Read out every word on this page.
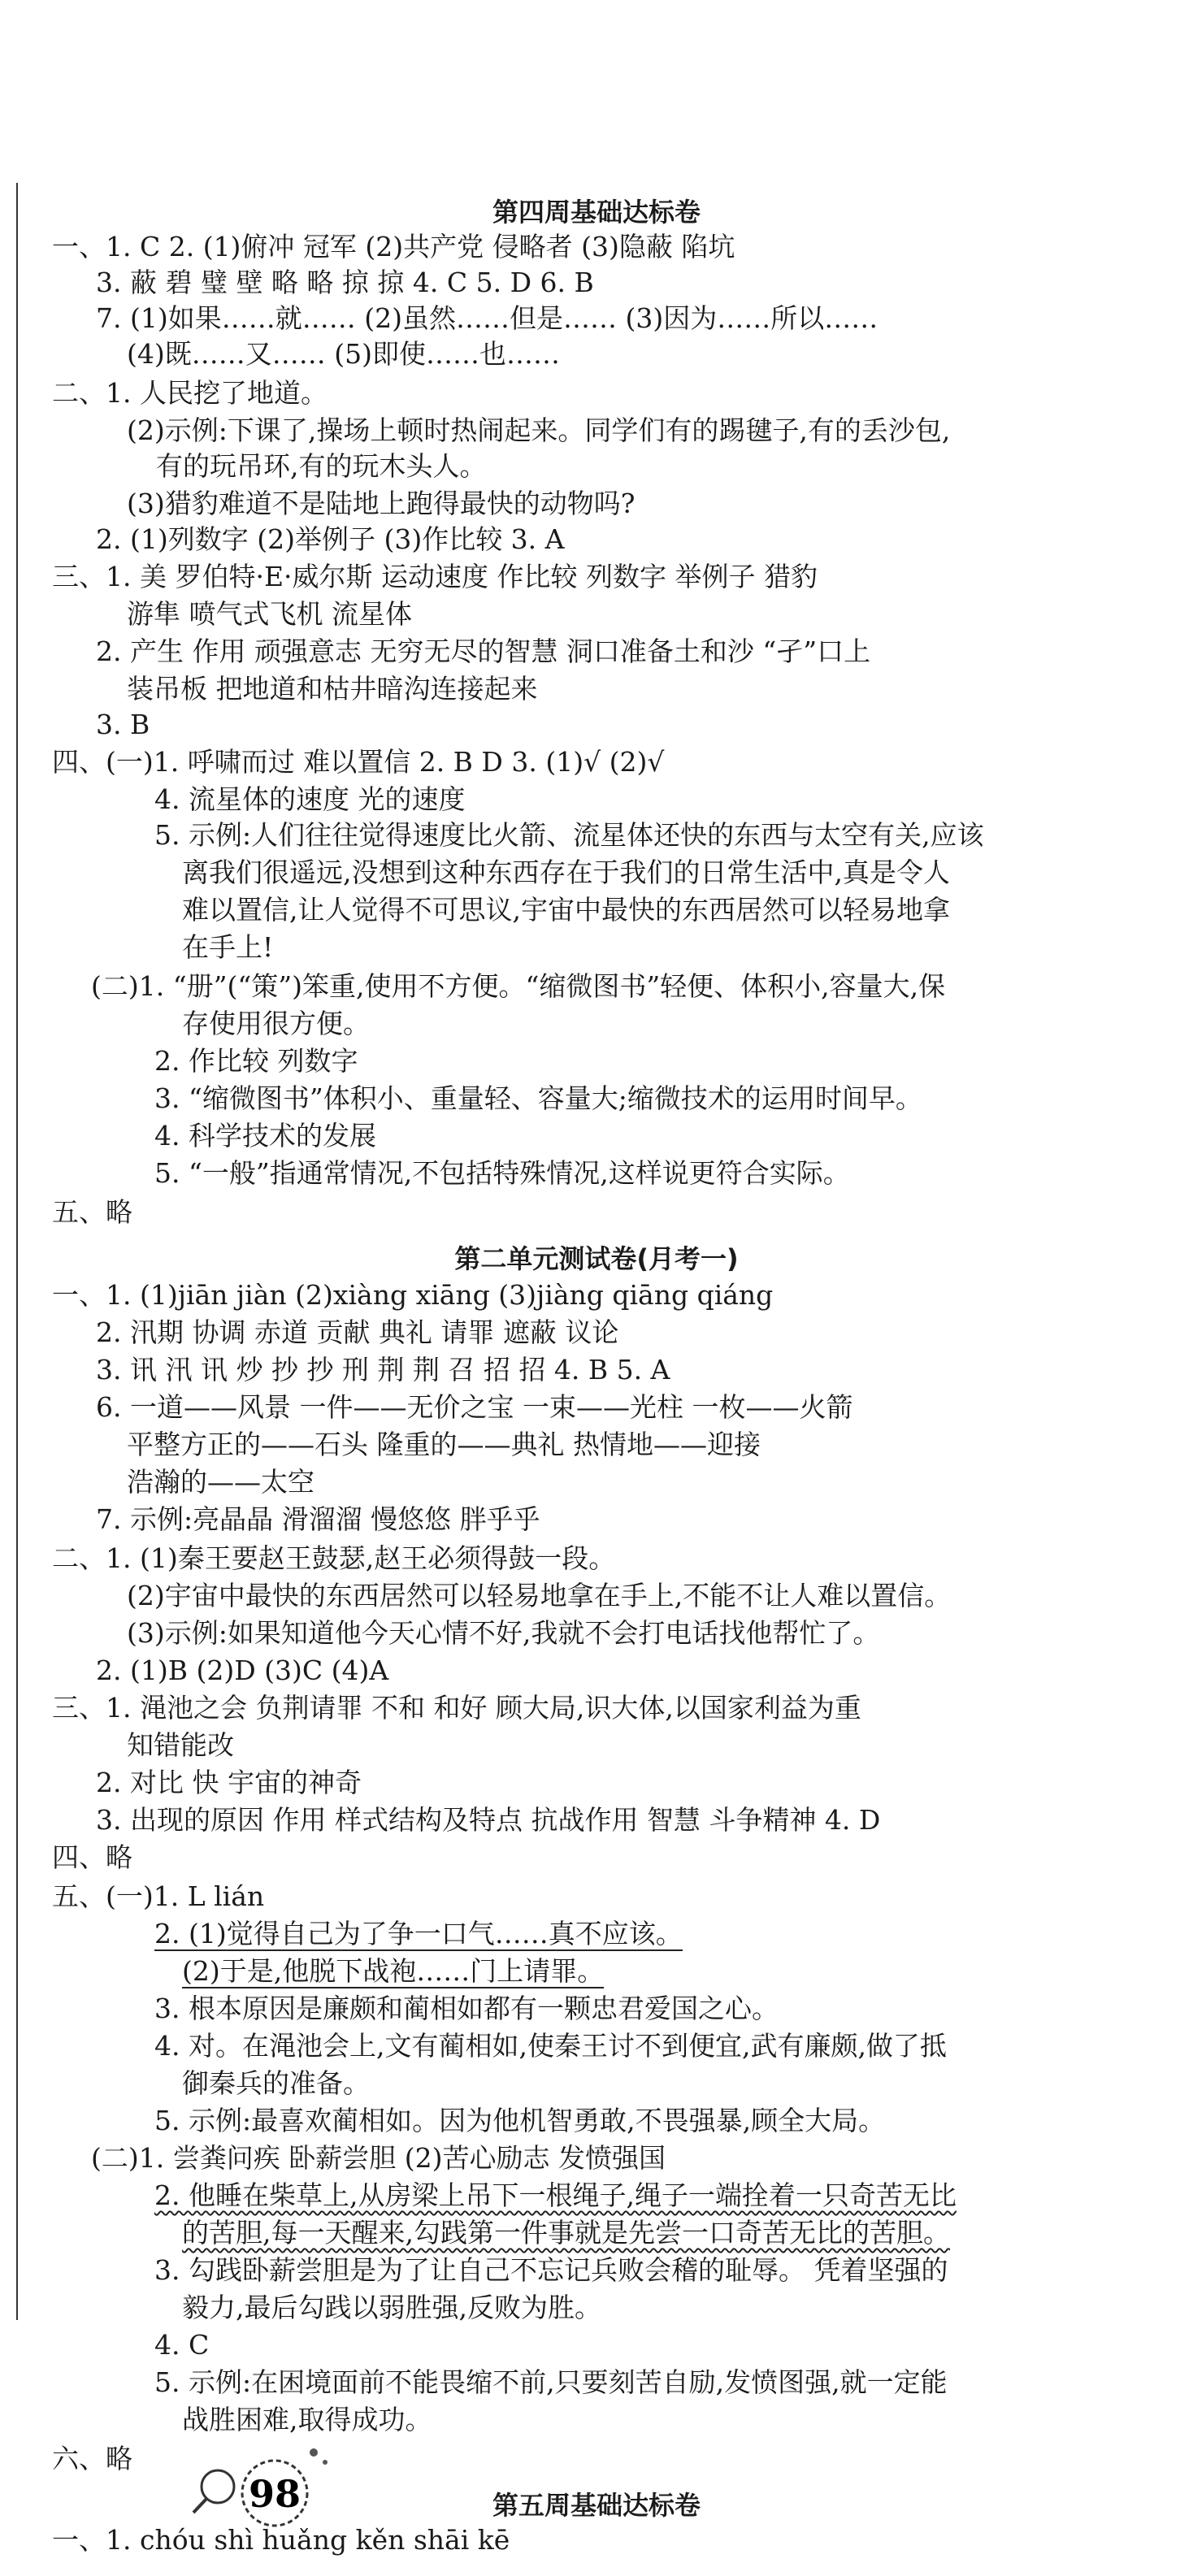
第四周基础达标卷
一、1. C 2. (1)俯冲 冠军 (2)共产党 侵略者 (3)隐蔽 陷坑
3. 蔽 碧 璧 壁 略 略 掠 掠 4. C 5. D 6. B
7. (1)如果……就…… (2)虽然……但是…… (3)因为……所以……
(4)既……又…… (5)即使……也……
二、1. 人民挖了地道。
(2)示例:下课了,操场上顿时热闹起来。同学们有的踢毽子,有的丢沙包,
有的玩吊环,有的玩木头人。
(3)猎豹难道不是陆地上跑得最快的动物吗?
2. (1)列数字 (2)举例子 (3)作比较 3. A
三、1. 美 罗伯特·E·威尔斯 运动速度 作比较 列数字 举例子 猎豹
游隼 喷气式飞机 流星体
2. 产生 作用 顽强意志 无穷无尽的智慧 洞口准备土和沙 “孑”口上
装吊板 把地道和枯井暗沟连接起来
3. B
四、(一)1. 呼啸而过 难以置信 2. B D 3. (1)√ (2)√
4. 流星体的速度 光的速度
5. 示例:人们往往觉得速度比火箭、流星体还快的东西与太空有关,应该
离我们很遥远,没想到这种东西存在于我们的日常生活中,真是令人
难以置信,让人觉得不可思议,宇宙中最快的东西居然可以轻易地拿
在手上!
(二)1. “册”(“策”)笨重,使用不方便。“缩微图书”轻便、体积小,容量大,保
存使用很方便。
2. 作比较 列数字
3. “缩微图书”体积小、重量轻、容量大;缩微技术的运用时间早。
4. 科学技术的发展
5. “一般”指通常情况,不包括特殊情况,这样说更符合实际。
五、略
第二单元测试卷(月考一)
一、1. (1)jiān jiàn (2)xiàng xiāng (3)jiàng qiāng qiáng
2. 汛期 协调 赤道 贡献 典礼 请罪 遮蔽 议论
3. 讯 汛 讯 炒 抄 抄 刑 荆 荆 召 招 招 4. B 5. A
6. 一道——风景 一件——无价之宝 一束——光柱 一枚——火箭
平整方正的——石头 隆重的——典礼 热情地——迎接
浩瀚的——太空
7. 示例:亮晶晶 滑溜溜 慢悠悠 胖乎乎
二、1. (1)秦王要赵王鼓瑟,赵王必须得鼓一段。
(2)宇宙中最快的东西居然可以轻易地拿在手上,不能不让人难以置信。
(3)示例:如果知道他今天心情不好,我就不会打电话找他帮忙了。
2. (1)B (2)D (3)C (4)A
三、1. 渑池之会 负荆请罪 不和 和好 顾大局,识大体,以国家利益为重
知错能改
2. 对比 快 宇宙的神奇
3. 出现的原因 作用 样式结构及特点 抗战作用 智慧 斗争精神 4. D
四、略
五、(一)1. L lián
2. (1)觉得自己为了争一口气……真不应该。
(2)于是,他脱下战袍……门上请罪。
3. 根本原因是廉颇和蔺相如都有一颗忠君爱国之心。
4. 对。在渑池会上,文有蔺相如,使秦王讨不到便宜,武有廉颇,做了抵
御秦兵的准备。
5. 示例:最喜欢蔺相如。因为他机智勇敢,不畏强暴,顾全大局。
(二)1. 尝粪问疾 卧薪尝胆 (2)苦心励志 发愤强国
2. 他睡在柴草上,从房梁上吊下一根绳子,绳子一端拴着一只奇苦无比
的苦胆,每一天醒来,勾践第一件事就是先尝一口奇苦无比的苦胆。
3. 勾践卧薪尝胆是为了让自己不忘记兵败会稽的耻辱。 凭着坚强的
毅力,最后勾践以弱胜强,反败为胜。
4. C
5. 示例:在困境面前不能畏缩不前,只要刻苦自励,发愤图强,就一定能
战胜困难,取得成功。
六、略
第五周基础达标卷
一、1. chóu shì huǎng kěn shāi kē
98
